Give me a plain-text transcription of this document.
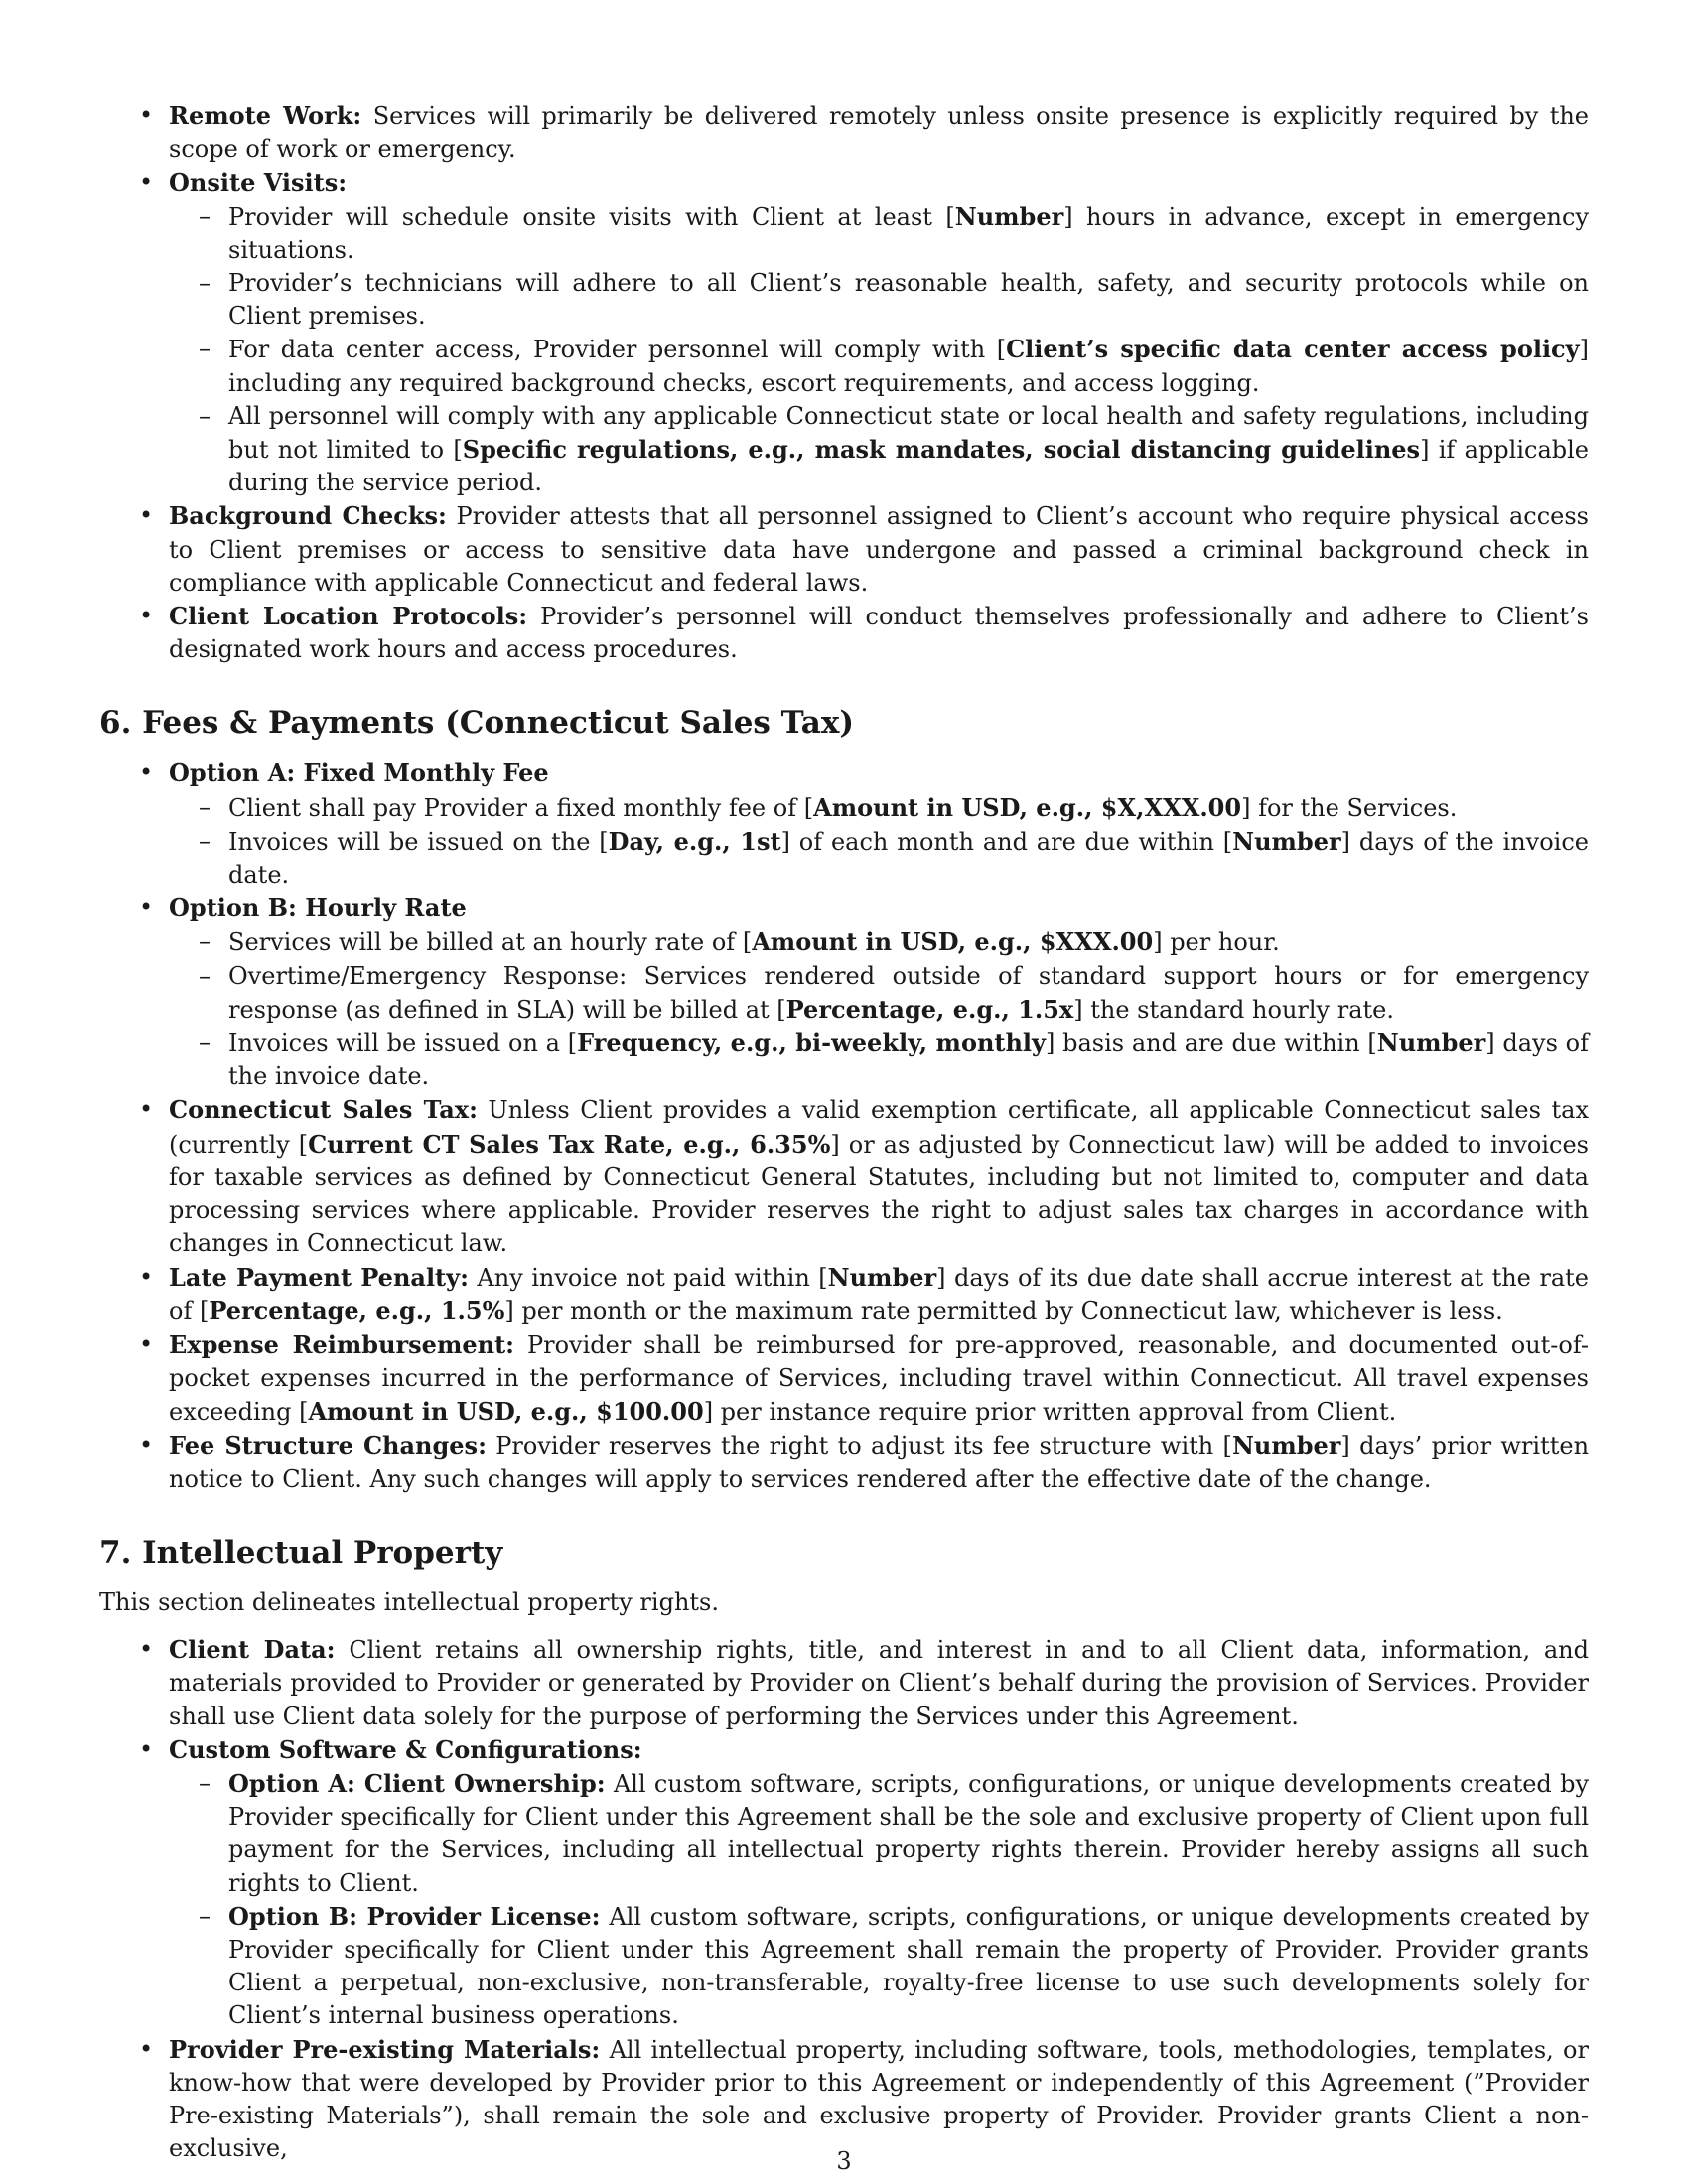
• Remote Work: Services will primarily be delivered remotely unless onsite presence is explicitly required by the scope of work or emergency.
• Onsite Visits:
– Provider will schedule onsite visits with Client at least [Number] hours in advance, except in emergency situations.
– Provider’s technicians will adhere to all Client’s reasonable health, safety, and security protocols while on Client premises.
– For data center access, Provider personnel will comply with [Client’s specific data center access policy] including any required background checks, escort requirements, and access logging.
– All personnel will comply with any applicable Connecticut state or local health and safety regulations, including but not limited to [Specific regulations, e.g., mask mandates, social distancing guidelines] if applicable during the service period.
• Background Checks: Provider attests that all personnel assigned to Client’s account who require physical access to Client premises or access to sensitive data have undergone and passed a criminal background check in compliance with applicable Connecticut and federal laws.
• Client Location Protocols: Provider’s personnel will conduct themselves professionally and adhere to Client’s designated work hours and access procedures.
6. Fees & Payments (Connecticut Sales Tax)
• Option A: Fixed Monthly Fee
– Client shall pay Provider a fixed monthly fee of [Amount in USD, e.g., $X,XXX.00] for the Services.
– Invoices will be issued on the [Day, e.g., 1st] of each month and are due within [Number] days of the invoice date.
• Option B: Hourly Rate
– Services will be billed at an hourly rate of [Amount in USD, e.g., $XXX.00] per hour.
– Overtime/Emergency Response: Services rendered outside of standard support hours or for emergency response (as defined in SLA) will be billed at [Percentage, e.g., 1.5x] the standard hourly rate.
– Invoices will be issued on a [Frequency, e.g., bi-weekly, monthly] basis and are due within [Number] days of the invoice date.
• Connecticut Sales Tax: Unless Client provides a valid exemption certificate, all applicable Connecticut sales tax (currently [Current CT Sales Tax Rate, e.g., 6.35%] or as adjusted by Connecticut law) will be added to invoices for taxable services as defined by Connecticut General Statutes, including but not limited to, computer and data processing services where applicable. Provider reserves the right to adjust sales tax charges in accordance with changes in Connecticut law.
• Late Payment Penalty: Any invoice not paid within [Number] days of its due date shall accrue interest at the rate of [Percentage, e.g., 1.5%] per month or the maximum rate permitted by Connecticut law, whichever is less.
• Expense Reimbursement: Provider shall be reimbursed for pre-approved, reasonable, and documented out-of-pocket expenses incurred in the performance of Services, including travel within Connecticut. All travel expenses exceeding [Amount in USD, e.g., $100.00] per instance require prior written approval from Client.
• Fee Structure Changes: Provider reserves the right to adjust its fee structure with [Number] days’ prior written notice to Client. Any such changes will apply to services rendered after the effective date of the change.
7. Intellectual Property

This section delineates intellectual property rights.

• Client Data: Client retains all ownership rights, title, and interest in and to all Client data, information, and materials provided to Provider or generated by Provider on Client’s behalf during the provision of Services. Provider shall use Client data solely for the purpose of performing the Services under this Agreement.
• Custom Software & Configurations:
– Option A: Client Ownership: All custom software, scripts, configurations, or unique developments created by Provider specifically for Client under this Agreement shall be the sole and exclusive property of Client upon full payment for the Services, including all intellectual property rights therein. Provider hereby assigns all such rights to Client.
– Option B: Provider License: All custom software, scripts, configurations, or unique developments created by Provider specifically for Client under this Agreement shall remain the property of Provider. Provider grants Client a perpetual, non-exclusive, non-transferable, royalty-free license to use such developments solely for Client’s internal business operations.
• Provider Pre-existing Materials: All intellectual property, including software, tools, methodologies, templates, or know-how that were developed by Provider prior to this Agreement or independently of this Agreement (”Provider Pre-existing Materials”), shall remain the sole and exclusive property of Provider. Provider grants Client a non-exclusive,	3
